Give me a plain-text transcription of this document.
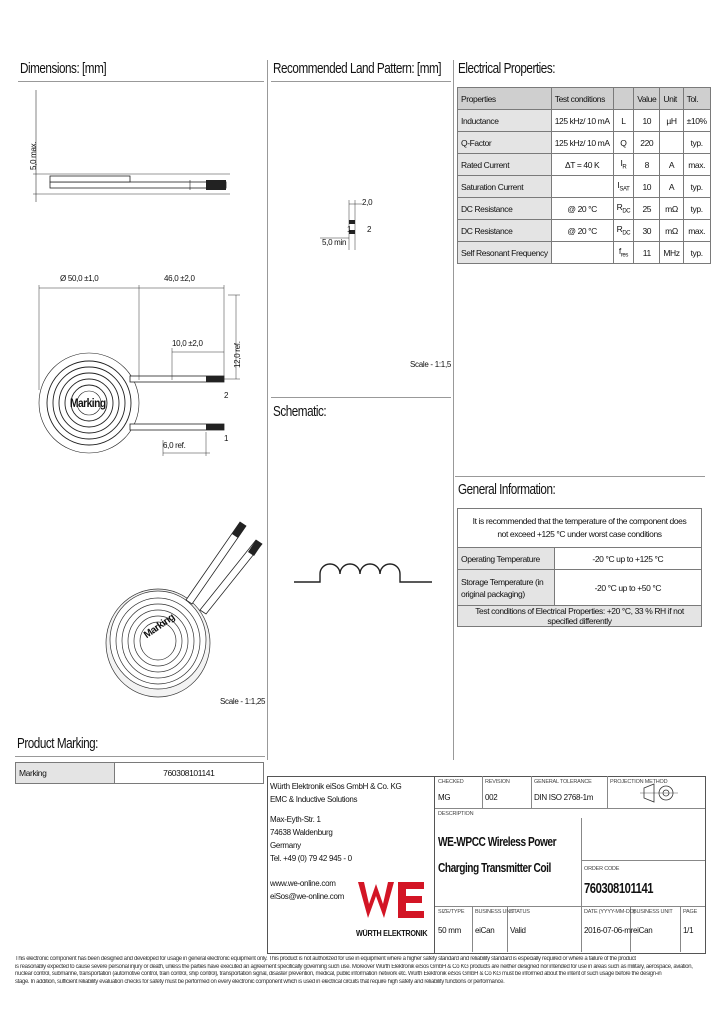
Dimensions: [mm]
5,0 max.
Ø 50,0 ±1,0	46,0 ±2,0
10,0 ±2,0	12,0 ref.
6,0 ref.
2
1
Marking
Marking
Scale - 1:1,25
Recommended Land Pattern: [mm]
2,0
1 2
5,0 min
Scale - 1:1,5
Schematic:
Electrical Properties:
Properties	Test conditions		Value	Unit	Tol.
Inductance	125 kHz/ 10 mA	L	10	µH	±10%
Q-Factor	125 kHz/ 10 mA	Q	220		typ.
Rated Current	ΔT = 40 K	$I_R$	8	A	max.
Saturation Current		$I_{SAT}$	10	A	typ.
DC Resistance	@ 20 °C	$R_{DC}$	25	mΩ	typ.
DC Resistance	@ 20 °C	$R_{DC}$	30	mΩ	max.
Self Resonant Frequency		$f_{res}$	11	MHz	typ.
General Information:
It is recommended that the temperature of the component does not exceed +125 °C under worst case conditions	
Operating Temperature	-20 °C up to +125 °C
Storage Temperature (in original packaging)	-20 °C up to +50 °C
Test conditions of Electrical Properties: +20 °C, 33 % RH if not specified differently	
Product Marking:
Marking	760308101141
Würth Elektronik eiSos GmbH & Co. KG
EMC & Inductive Solutions
Max-Eyth-Str. 1
74638 Waldenburg
Germany
Tel. +49 (0) 79 42 945 - 0
www.we-online.com
eiSos@we-online.com
WÜRTH ELEKTRONIK
CHECKED
MG
REVISION
002
GENERAL TOLERANCE
DIN ISO 2768-1m
PROJECTION METHOD
DESCRIPTION
WE-WPCC Wireless Power
Charging Transmitter Coil	ORDER CODE
760308101141
SIZE/TYPE
50 mm
BUSINESS UNIT
eiCan
STATUS
Valid
DATE (YYYY-MM-DD)
2016-07-06-mr
BUSINESS UNIT
eiCan
PAGE
1/1
This electronic component has been designed and developed for usage in general electronic equipment only. This product is not authorized for use in equipment where a higher safety standard and reliability standard is especially required or where a failure of the product
is reasonably expected to cause severe personal injury or death, unless the parties have executed an agreement specifically governing such use. Moreover Würth Elektronik eiSos GmbH & Co KG products are neither designed nor intended for use in areas such as military, aerospace, aviation,
nuclear control, submarine, transportation (automotive control, train control, ship control), transportation signal, disaster prevention, medical, public information network etc. Würth Elektronik eiSos GmbH & Co KG must be informed about the intent of such usage before the design-in
stage. In addition, sufficient reliability evaluation checks for safety must be performed on every electronic component which is used in electrical circuits that require high safety and reliability functions or performance.
